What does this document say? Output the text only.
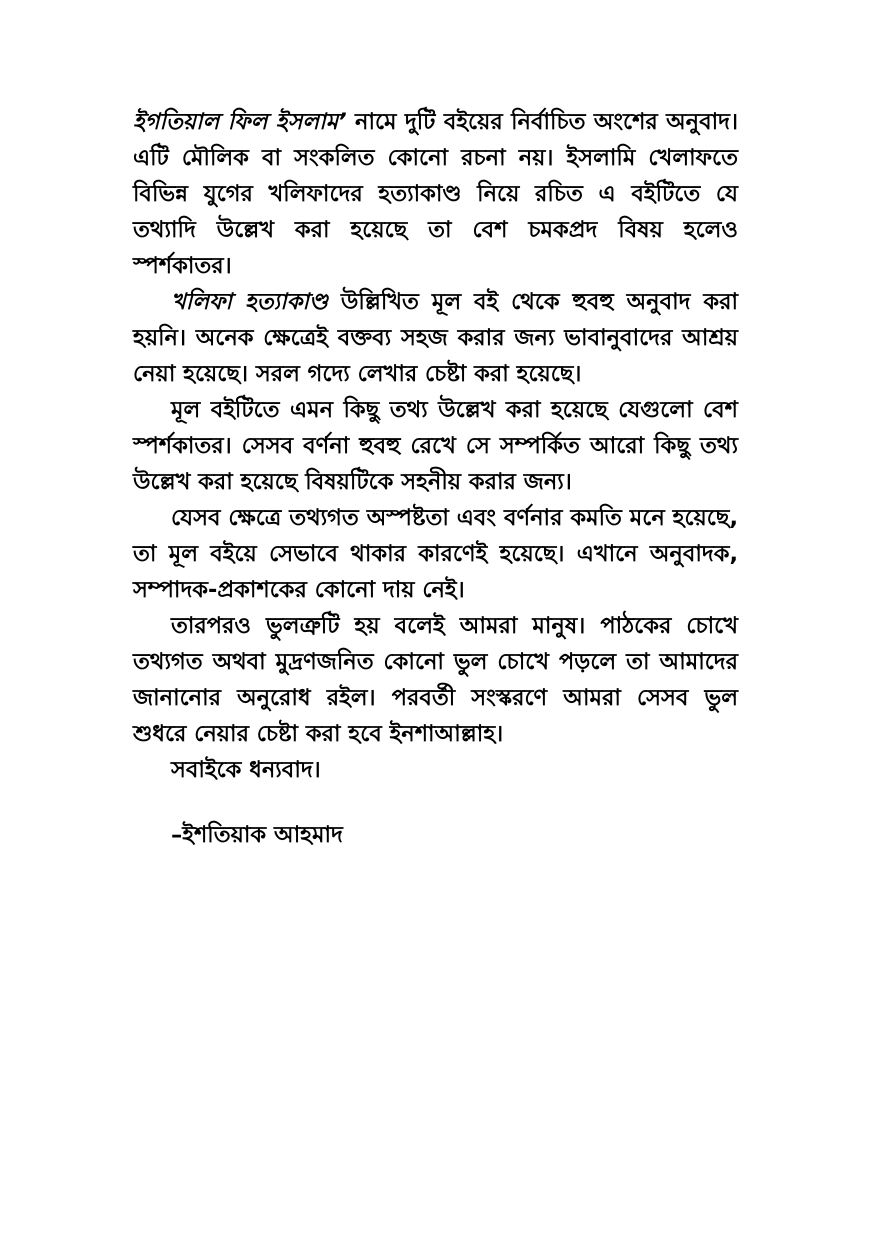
ইগতিয়াল ফিল ইসলাম’ নামে দুটি বইয়ের নির্বাচিত অংশের অনুবাদ। এটি মৌলিক বা সংকলিত কোনো রচনা নয়। ইসলামি খেলাফতে বিভিন্ন যুগের খলিফাদের হত্যাকাণ্ড নিয়ে রচিত এ বইটিতে যে তথ্যাদি উল্লেখ করা হয়েছে তা বেশ চমকপ্রদ বিষয় হলেও স্পর্শকাতর।

খলিফা হত্যাকাণ্ড উল্লিখিত মূল বই থেকে হুবহু অনুবাদ করা হয়নি। অনেক ক্ষেত্রেই বক্তব্য সহজ করার জন্য ভাবানুবাদের আশ্রয় নেয়া হয়েছে। সরল গদ্যে লেখার চেষ্টা করা হয়েছে।

মূল বইটিতে এমন কিছু তথ্য উল্লেখ করা হয়েছে যেগুলো বেশ স্পর্শকাতর। সেসব বর্ণনা হুবহু রেখে সে সম্পর্কিত আরো কিছু তথ্য উল্লেখ করা হয়েছে বিষয়টিকে সহনীয় করার জন্য।

যেসব ক্ষেত্রে তথ্যগত অস্পষ্টতা এবং বর্ণনার কমতি মনে হয়েছে, তা মূল বইয়ে সেভাবে থাকার কারণেই হয়েছে। এখানে অনুবাদক, সম্পাদক-প্রকাশকের কোনো দায় নেই।

তারপরও ভুলত্রুটি হয় বলেই আমরা মানুষ। পাঠকের চোখে তথ্যগত অথবা মুদ্রণজনিত কোনো ভুল চোখে পড়লে তা আমাদের জানানোর অনুরোধ রইল। পরবর্তী সংস্করণে আমরা সেসব ভুল শুধরে নেয়ার চেষ্টা করা হবে ইনশাআল্লাহ।

সবাইকে ধন্যবাদ।

–ইশতিয়াক আহমাদ
